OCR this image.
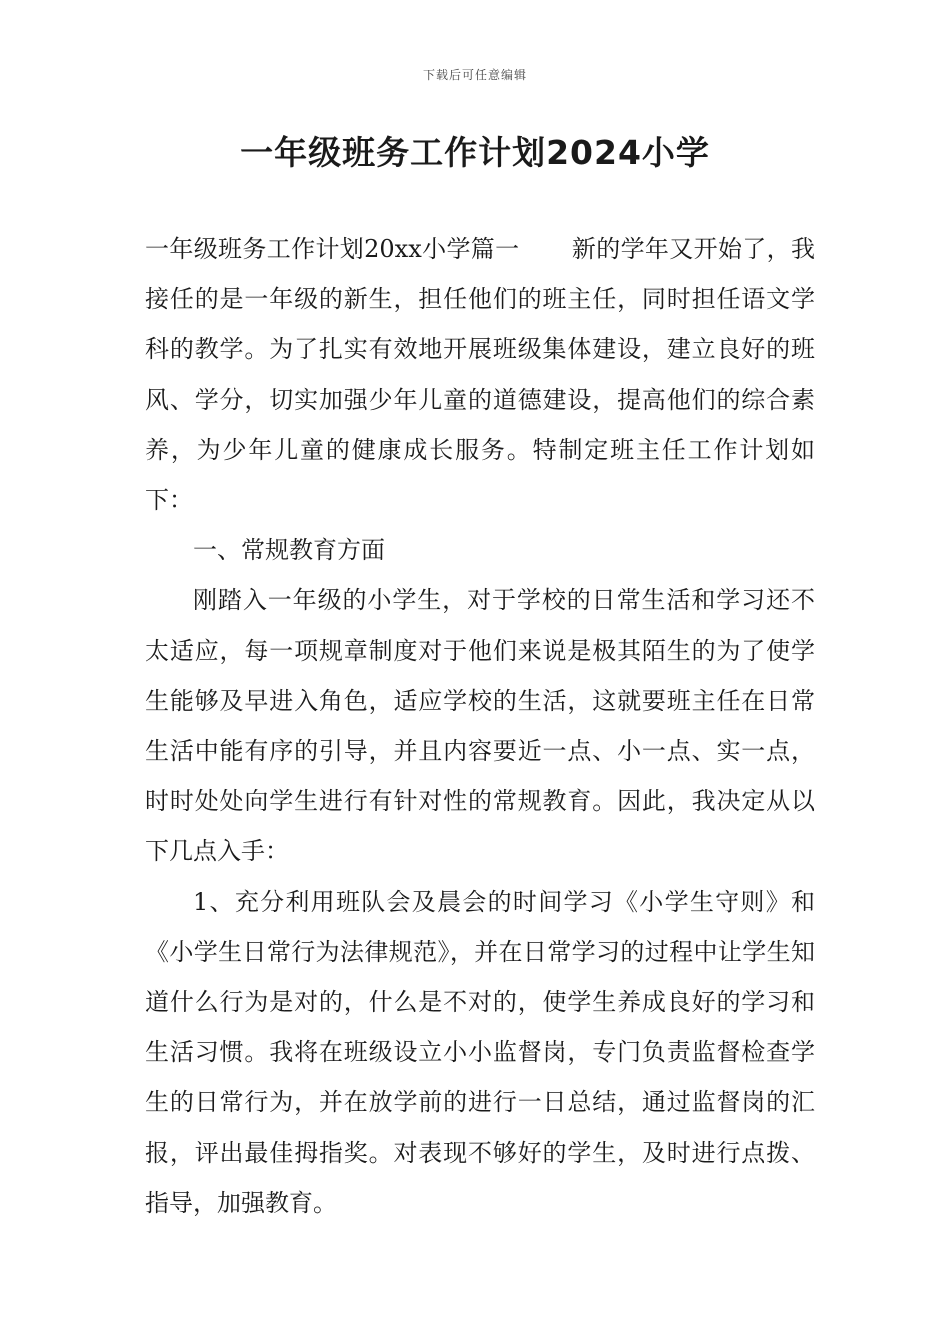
下载后可任意编辑
一年级班务工作计划2024小学

一年级班务工作计划20xx小学篇一 新的学年又开始了，我接任的是一年级的新生，担任他们的班主任，同时担任语文学科的教学。为了扎实有效地开展班级集体建设，建立良好的班风、学分，切实加强少年儿童的道德建设，提高他们的综合素养，为少年儿童的健康成长服务。特制定班主任工作计划如下：

一、常规教育方面

刚踏入一年级的小学生，对于学校的日常生活和学习还不太适应，每一项规章制度对于他们来说是极其陌生的为了使学生能够及早进入角色，适应学校的生活，这就要班主任在日常生活中能有序的引导，并且内容要近一点、小一点、实一点，时时处处向学生进行有针对性的常规教育。因此，我决定从以下几点入手：

1、充分利用班队会及晨会的时间学习《小学生守则》和《小学生日常行为法律规范》，并在日常学习的过程中让学生知道什么行为是对的，什么是不对的，使学生养成良好的学习和生活习惯。我将在班级设立小小监督岗，专门负责监督检查学生的日常行为，并在放学前的进行一日总结，通过监督岗的汇报，评出最佳拇指奖。对表现不够好的学生，及时进行点拨、指导，加强教育。
